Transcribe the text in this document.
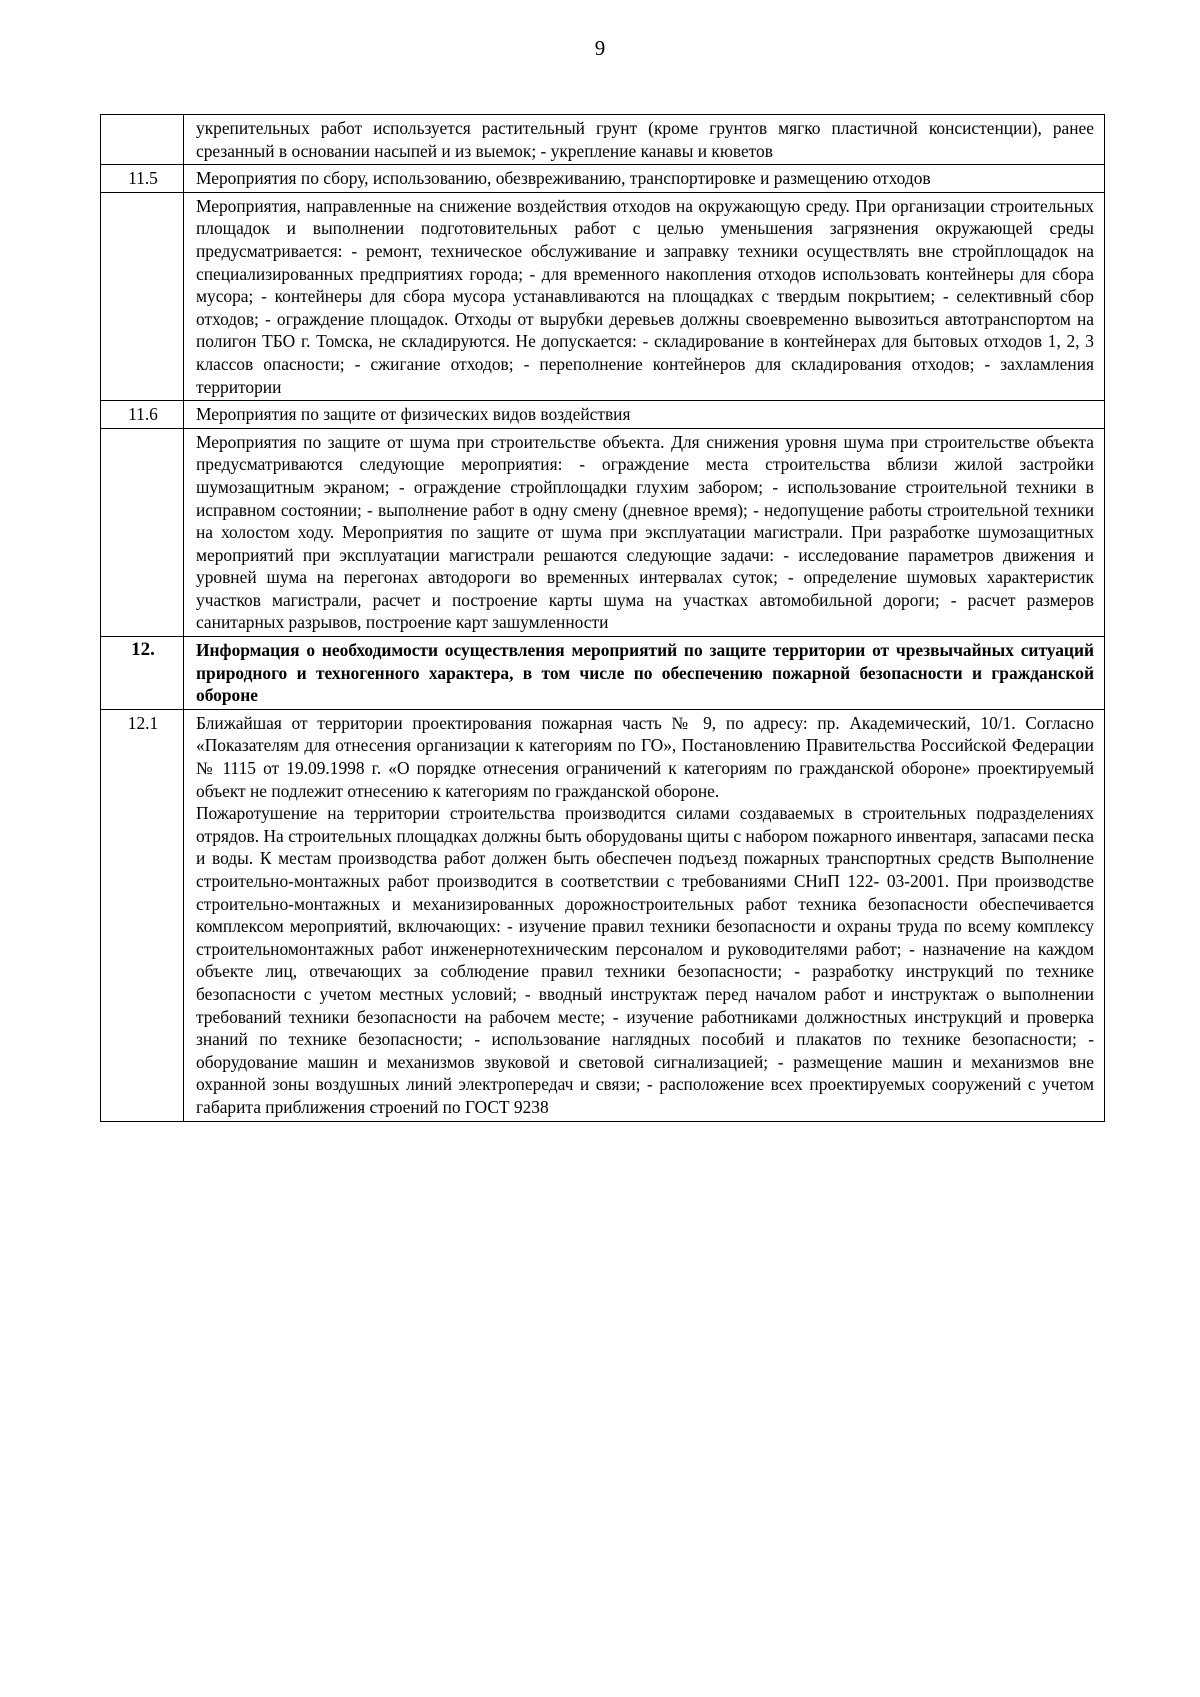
9

	укрепительных работ используется растительный грунт (кроме грунтов мягко пластичной консистенции), ранее срезанный в основании насыпей и из выемок; - укрепление канавы и кюветов

11.5	Мероприятия по сбору, использованию, обезвреживанию, транспортировке и размещению отходов

	Мероприятия, направленные на снижение воздействия отходов на окружающую среду. При организации строительных площадок и выполнении подготовительных работ с целью уменьшения загрязнения окружающей среды предусматривается: - ремонт, техническое обслуживание и заправку техники осуществлять вне стройплощадок на специализированных предприятиях города; - для временного накопления отходов использовать контейнеры для сбора мусора; - контейнеры для сбора мусора устанавливаются на площадках с твердым покрытием; - селективный сбор отходов; - ограждение площадок. Отходы от вырубки деревьев должны своевременно вывозиться автотранспортом на полигон ТБО г. Томска, не складируются. Не допускается: - складирование в контейнерах для бытовых отходов 1, 2, 3 классов опасности; - сжигание отходов; - переполнение контейнеров для складирования отходов; - захламления территории

11.6	Мероприятия по защите от физических видов воздействия

	Мероприятия по защите от шума при строительстве объекта. Для снижения уровня шума при строительстве объекта предусматриваются следующие мероприятия: - ограждение места строительства вблизи жилой застройки шумозащитным экраном; - ограждение стройплощадки глухим забором; - использование строительной техники в исправном состоянии; - выполнение работ в одну смену (дневное время); - недопущение работы строительной техники на холостом ходу. Мероприятия по защите от шума при эксплуатации магистрали. При разработке шумозащитных мероприятий при эксплуатации магистрали решаются следующие задачи: - исследование параметров движения и уровней шума на перегонах автодороги во временных интервалах суток; - определение шумовых характеристик участков магистрали, расчет и построение карты шума на участках автомобильной дороги; - расчет размеров санитарных разрывов, построение карт зашумленности

12.	Информация о необходимости осуществления мероприятий по защите территории от чрезвычайных ситуаций природного и техногенного характера, в том числе по обеспечению пожарной безопасности и гражданской обороне

12.1	Ближайшая от территории проектирования пожарная часть № 9, по адресу: пр. Академический, 10/1. Согласно «Показателям для отнесения организации к категориям по ГО», Постановлению Правительства Российской Федерации № 1115 от 19.09.1998 г. «О порядке отнесения ограничений к категориям по гражданской обороне» проектируемый объект не подлежит отнесению к категориям по гражданской обороне.
Пожаротушение на территории строительства производится силами создаваемых в строительных подразделениях отрядов. На строительных площадках должны быть оборудованы щиты с набором пожарного инвентаря, запасами песка и воды. К местам производства работ должен быть обеспечен подъезд пожарных транспортных средств Выполнение строительно-монтажных работ производится в соответствии с требованиями СНиП 122- 03-2001. При производстве строительно-монтажных и механизированных дорожностроительных работ техника безопасности обеспечивается комплексом мероприятий, включающих: - изучение правил техники безопасности и охраны труда по всему комплексу строительномонтажных работ инженернотехническим персоналом и руководителями работ; - назначение на каждом объекте лиц, отвечающих за соблюдение правил техники безопасности; - разработку инструкций по технике безопасности с учетом местных условий; - вводный инструктаж перед началом работ и инструктаж о выполнении требований техники безопасности на рабочем месте; - изучение работниками должностных инструкций и проверка знаний по технике безопасности; - использование наглядных пособий и плакатов по технике безопасности; - оборудование машин и механизмов звуковой и световой сигнализацией; - размещение машин и механизмов вне охранной зоны воздушных линий электропередач и связи; - расположение всех проектируемых сооружений с учетом габарита приближения строений по ГОСТ 9238
